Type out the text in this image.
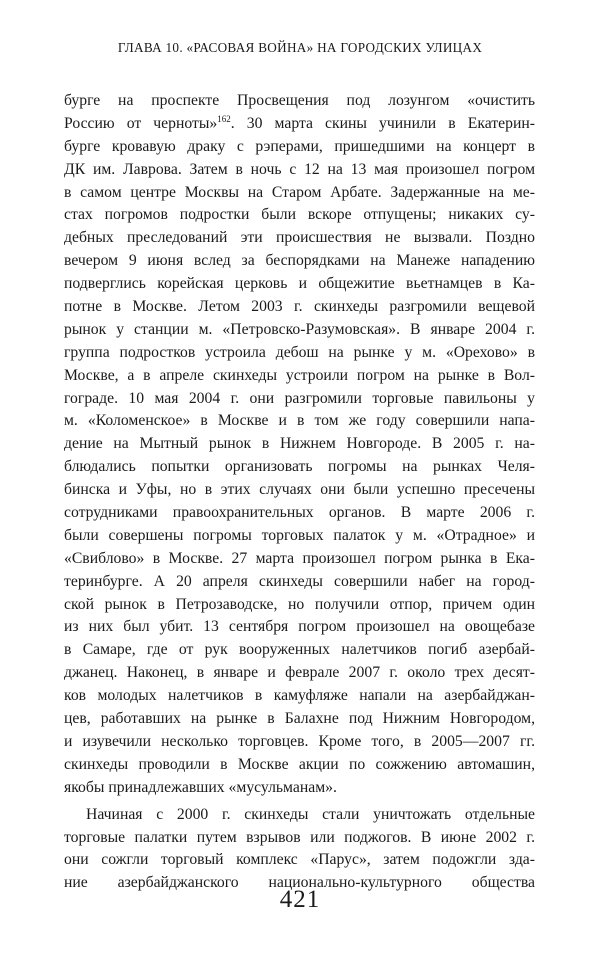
ГЛАВА 10. «РАСОВАЯ ВОЙНА» НА ГОРОДСКИХ УЛИЦАХ
бурге на проспекте Просвещения под лозунгом «очистить
Россию от черноты»$^{162}$. 30 марта скины учинили в Екатерин-
бурге кровавую драку с рэперами, пришедшими на концерт в
ДК им. Лаврова. Затем в ночь с 12 на 13 мая произошел погром
в самом центре Москвы на Старом Арбате. Задержанные на ме-
стах погромов подростки были вскоре отпущены; никаких су-
дебных преследований эти происшествия не вызвали. Поздно
вечером 9 июня вслед за беспорядками на Манеже нападению
подверглись корейская церковь и общежитие вьетнамцев в Ка-
потне в Москве. Летом 2003 г. скинхеды разгромили вещевой
рынок у станции м. «Петровско-Разумовская». В январе 2004 г.
группа подростков устроила дебош на рынке у м. «Орехово» в
Москве, а в апреле скинхеды устроили погром на рынке в Вол-
гограде. 10 мая 2004 г. они разгромили торговые павильоны у
м. «Коломенское» в Москве и в том же году совершили напа-
дение на Мытный рынок в Нижнем Новгороде. В 2005 г. на-
блюдались попытки организовать погромы на рынках Челя-
бинска и Уфы, но в этих случаях они были успешно пресечены
сотрудниками правоохранительных органов. В марте 2006 г.
были совершены погромы торговых палаток у м. «Отрадное» и
«Свиблово» в Москве. 27 марта произошел погром рынка в Ека-
теринбурге. А 20 апреля скинхеды совершили набег на город-
ской рынок в Петрозаводске, но получили отпор, причем один
из них был убит. 13 сентября погром произошел на овощебазе
в Самаре, где от рук вооруженных налетчиков погиб азербай-
джанец. Наконец, в январе и феврале 2007 г. около трех десят-
ков молодых налетчиков в камуфляже напали на азербайджан-
цев, работавших на рынке в Балахне под Нижним Новгородом,
и изувечили несколько торговцев. Кроме того, в 2005—2007 гг.
скинхеды проводили в Москве акции по сожжению автомашин,
якобы принадлежавших «мусульманам».
Начиная с 2000 г. скинхеды стали уничтожать отдельные
торговые палатки путем взрывов или поджогов. В июне 2002 г.
они сожгли торговый комплекс «Парус», затем подожгли зда-
ние азербайджанского национально-культурного общества
421
